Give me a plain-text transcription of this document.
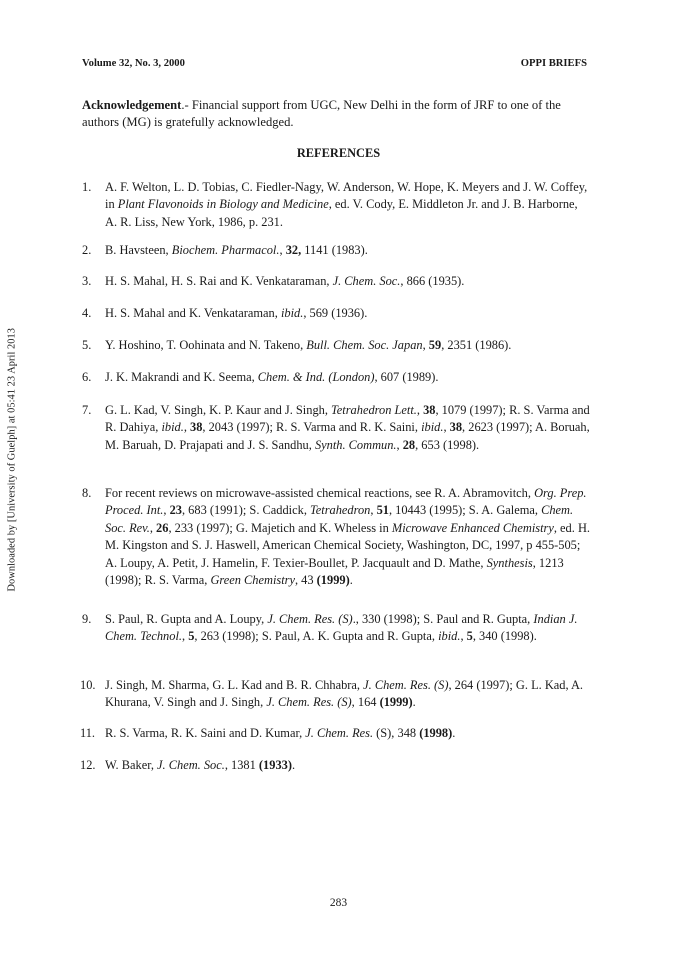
Downloaded by [University of Guelph] at 05:41 23 April 2013
Volume 32, No. 3, 2000	OPPI BRIEFS
Acknowledgement.- Financial support from UGC, New Delhi in the form of JRF to one of the authors (MG) is gratefully acknowledged.
REFERENCES
1.	A. F. Welton, L. D. Tobias, C. Fiedler-Nagy, W. Anderson, W. Hope, K. Meyers and J. W. Coffey, in Plant Flavonoids in Biology and Medicine, ed. V. Cody, E. Middleton Jr. and J. B. Harborne, A. R. Liss, New York, 1986, p. 231.
2.	B. Havsteen, Biochem. Pharmacol., 32, 1141 (1983).
3.	H. S. Mahal, H. S. Rai and K. Venkataraman, J. Chem. Soc., 866 (1935).
4.	H. S. Mahal and K. Venkataraman, ibid., 569 (1936).
5.	Y. Hoshino, T. Oohinata and N. Takeno, Bull. Chem. Soc. Japan, 59, 2351 (1986).
6.	J. K. Makrandi and K. Seema, Chem. & Ind. (London), 607 (1989).
7.	G. L. Kad, V. Singh, K. P. Kaur and J. Singh, Tetrahedron Lett., 38, 1079 (1997); R. S. Varma and R. Dahiya, ibid., 38, 2043 (1997); R. S. Varma and R. K. Saini, ibid., 38, 2623 (1997); A. Boruah, M. Baruah, D. Prajapati and J. S. Sandhu, Synth. Commun., 28, 653 (1998).
8.	For recent reviews on microwave-assisted chemical reactions, see R. A. Abramovitch, Org. Prep. Proced. Int., 23, 683 (1991); S. Caddick, Tetrahedron, 51, 10443 (1995); S. A. Galema, Chem. Soc. Rev., 26, 233 (1997); G. Majetich and K. Wheless in Microwave Enhanced Chemistry, ed. H. M. Kingston and S. J. Haswell, American Chemical Society, Washington, DC, 1997, p 455-505; A. Loupy, A. Petit, J. Hamelin, F. Texier-Boullet, P. Jacquault and D. Mathe, Synthesis, 1213 (1998); R. S. Varma, Green Chemistry, 43 (1999).
9.	S. Paul, R. Gupta and A. Loupy, J. Chem. Res. (S)., 330 (1998); S. Paul and R. Gupta, Indian J. Chem. Technol., 5, 263 (1998); S. Paul, A. K. Gupta and R. Gupta, ibid., 5, 340 (1998).
10. J. Singh, M. Sharma, G. L. Kad and B. R. Chhabra, J. Chem. Res. (S), 264 (1997); G. L. Kad, A. Khurana, V. Singh and J. Singh, J. Chem. Res. (S), 164 (1999).
11. R. S. Varma, R. K. Saini and D. Kumar, J. Chem. Res. (S), 348 (1998).
12. W. Baker, J. Chem. Soc., 1381 (1933).
283
